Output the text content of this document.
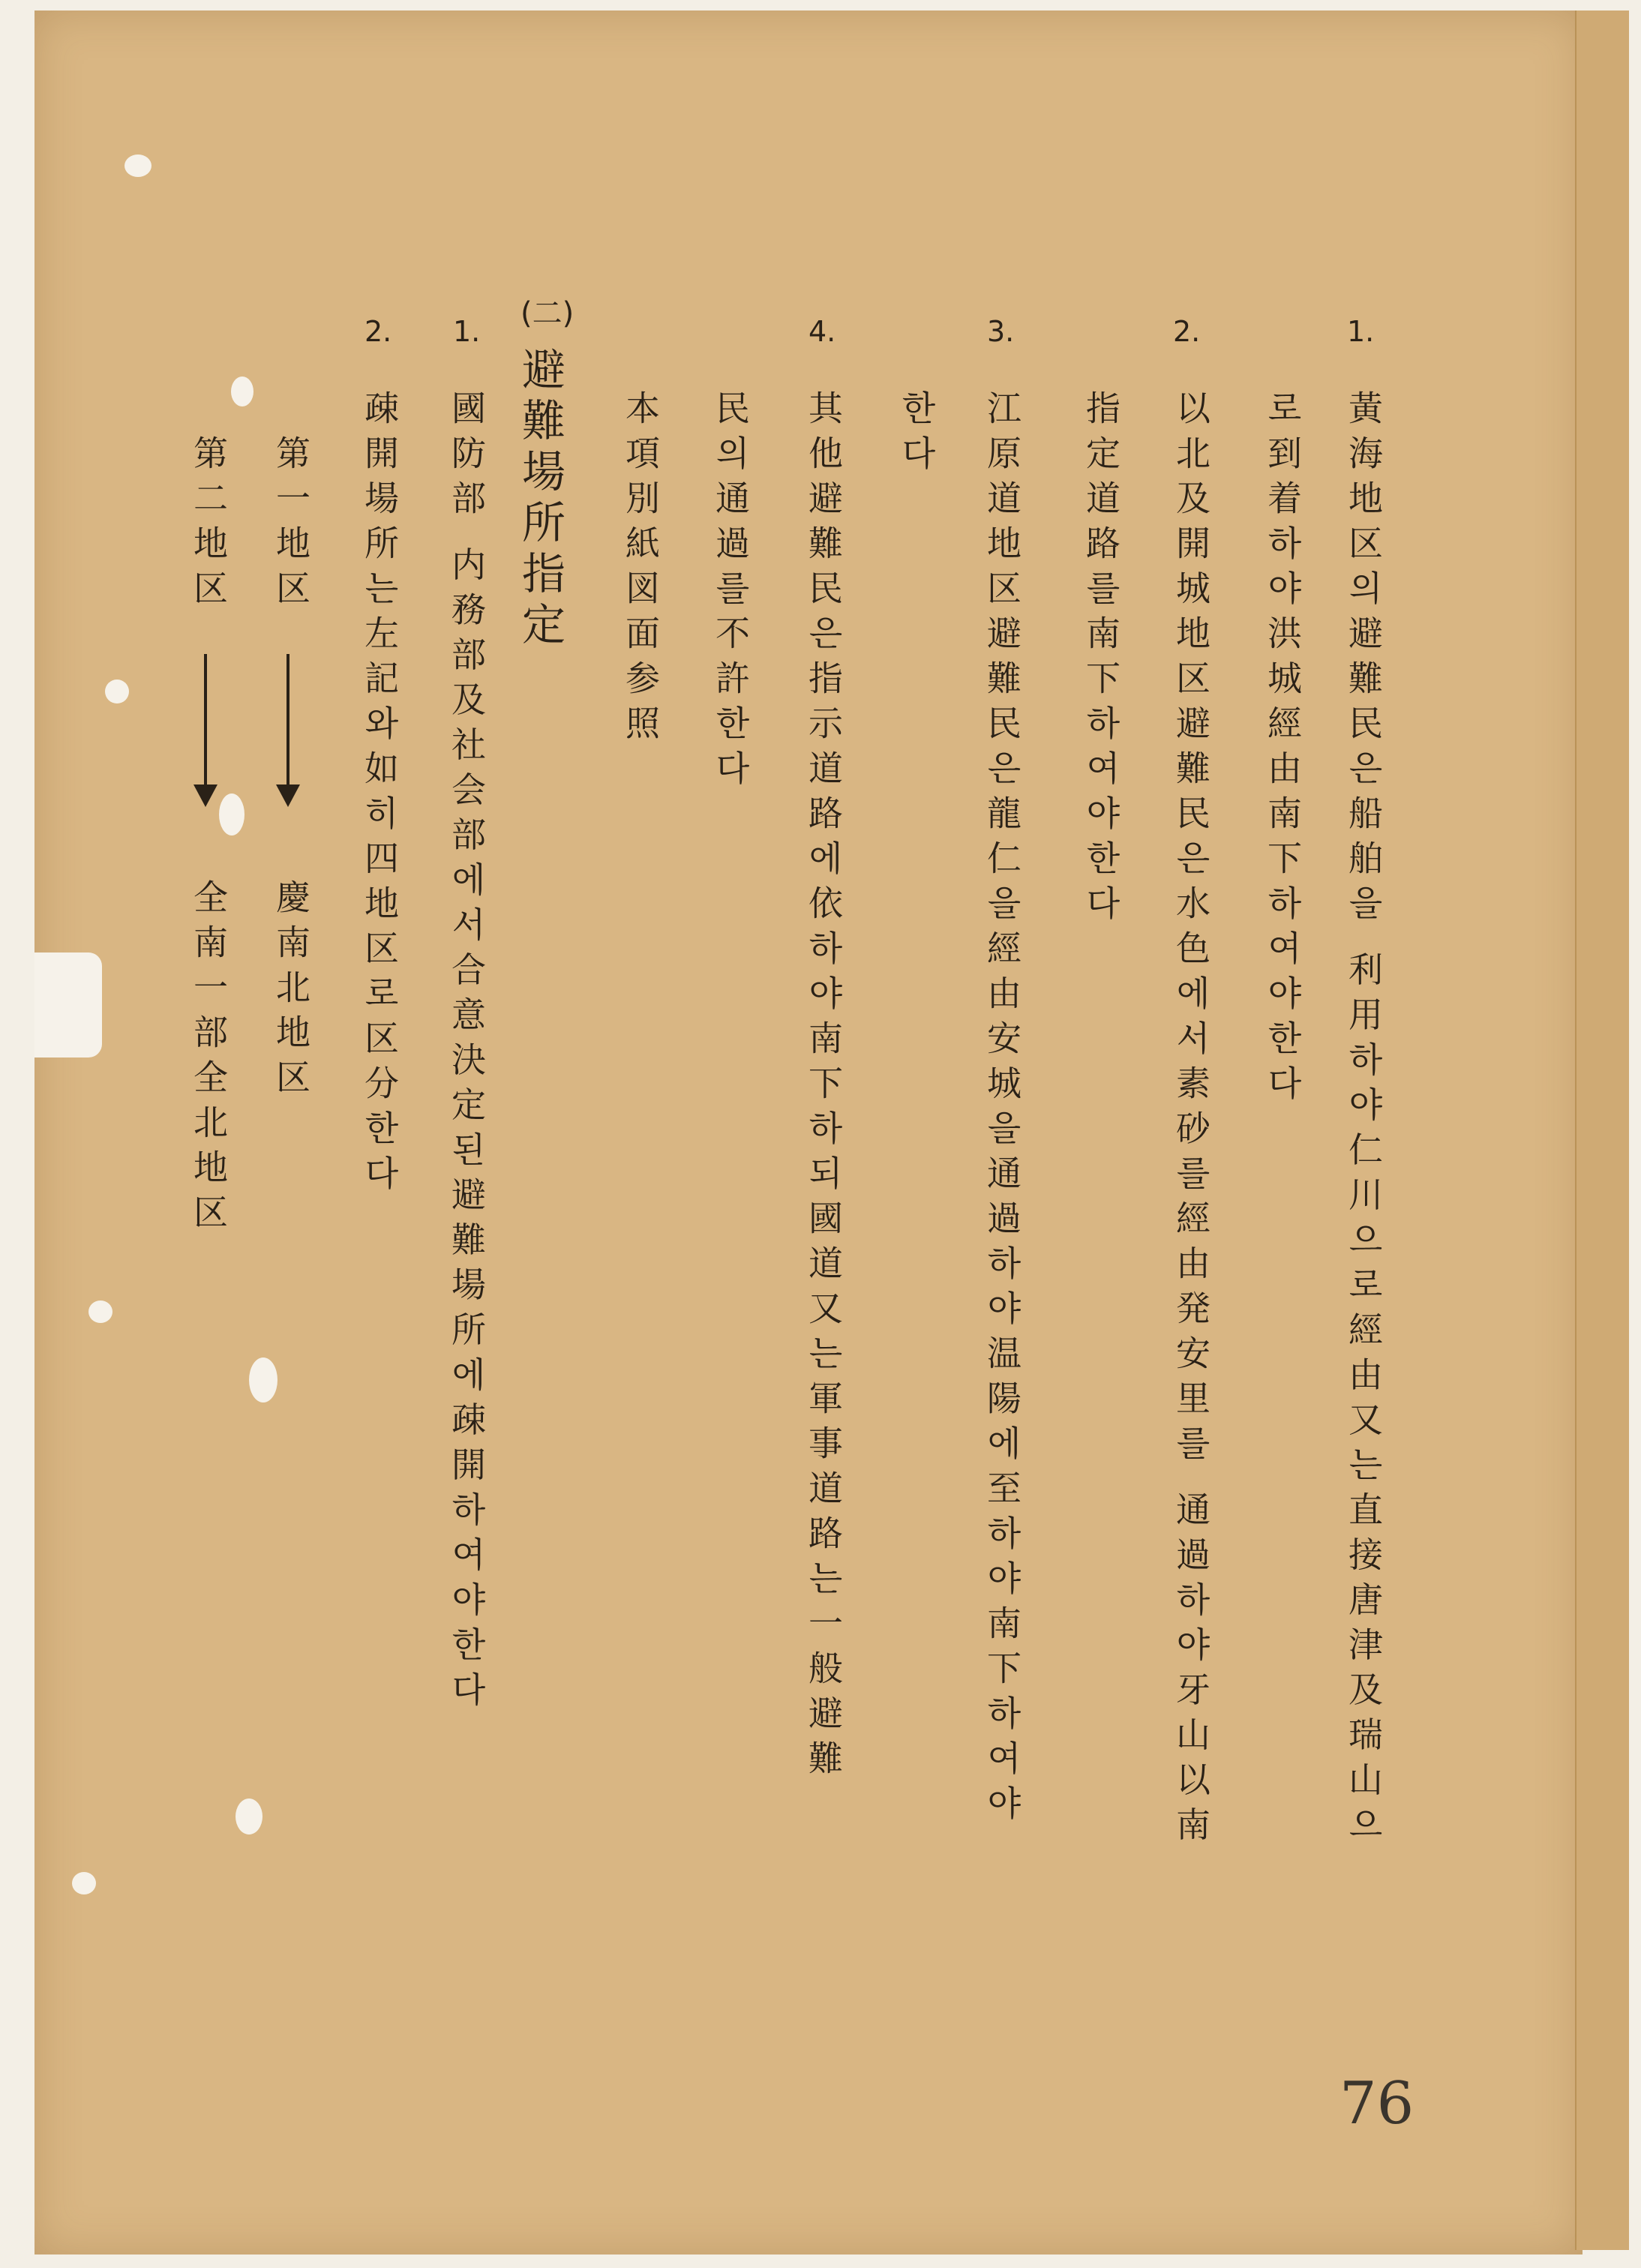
1.
黃海地区의避難民은船舶을 利用하야仁川으로經由又는直接唐津及瑞山으
로到着하야洪城經由南下하여야한다
2.
以北及開城地区避難民은水色에서素砂를經由発安里를 通過하야牙山以南
指定道路를南下하여야한다
3.
江原道地区避難民은龍仁을經由安城을通過하야温陽에至하야南下하여야
한다
4.
其他避難民은指示道路에依하야南下하되國道又는軍事道路는一般避難
民의通過를不許한다
本項別紙図面参照
(二)
避難場所指定
1.
國防部 内務部及社会部에서合意決定된避難場所에疎開하여야한다
2.
疎開場所는左記와如히四地区로区分한다
第一地区
慶南北地区
第二地区
全南一部全北地区
76
